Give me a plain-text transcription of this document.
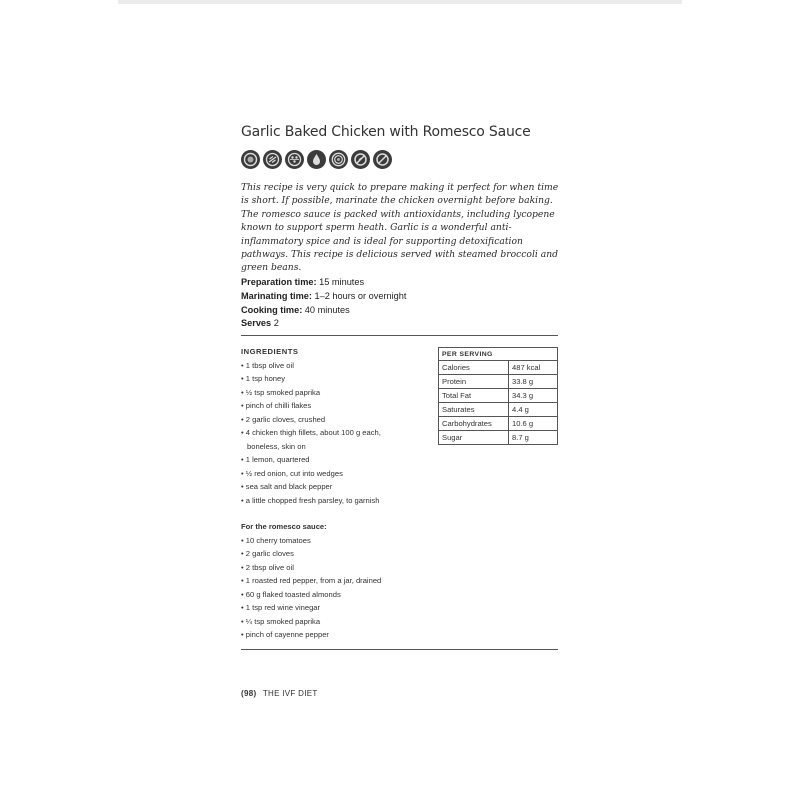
Garlic Baked Chicken with Romesco Sauce
This recipe is very quick to prepare making it perfect for when time is short. If possible, marinate the chicken overnight before baking. The romesco sauce is packed with antioxidants, including lycopene known to support sperm heath. Garlic is a wonderful anti-inflammatory spice and is ideal for supporting detoxification pathways. This recipe is delicious served with steamed broccoli and green beans.
Preparation time: 15 minutes
Marinating time: 1–2 hours or overnight
Cooking time: 40 minutes
Serves 2
INGREDIENTS
• 1 tbsp olive oil
• 1 tsp honey
• ½ tsp smoked paprika
• pinch of chilli flakes
• 2 garlic cloves, crushed
• 4 chicken thigh fillets, about 100 g each,
boneless, skin on
• 1 lemon, quartered
• ½ red onion, cut into wedges
• sea salt and black pepper
• a little chopped fresh parsley, to garnish
For the romesco sauce:
• 10 cherry tomatoes
• 2 garlic cloves
• 2 tbsp olive oil
• 1 roasted red pepper, from a jar, drained
• 60 g flaked toasted almonds
• 1 tsp red wine vinegar
• ¼ tsp smoked paprika
• pinch of cayenne pepper
PER SERVING
Calories	487 kcal
Protein	33.8 g
Total Fat	34.3 g
Saturates	4.4 g
Carbohydrates	10.6 g
Sugar	8.7 g
(98) THE IVF DIET
